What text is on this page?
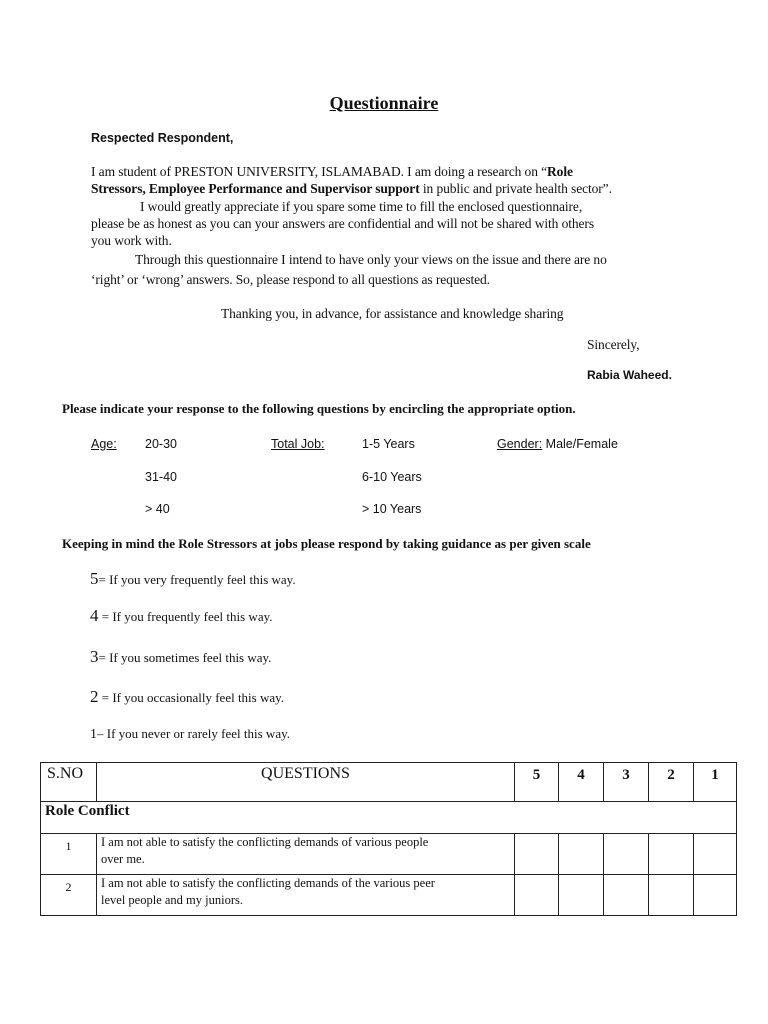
Questionnaire
Respected Respondent,
I am student of PRESTON UNIVERSITY, ISLAMABAD. I am doing a research on “Role
Stressors, Employee Performance and Supervisor support in public and private health sector”.
I would greatly appreciate if you spare some time to fill the enclosed questionnaire,
please be as honest as you can your answers are confidential and will not be shared with others
you work with.
Through this questionnaire I intend to have only your views on the issue and there are no
‘right’ or ‘wrong’ answers. So, please respond to all questions as requested.
Thanking you, in advance, for assistance and knowledge sharing
Sincerely,
Rabia Waheed.
Please indicate your response to the following questions by encircling the appropriate option.
Age: 20-30
31-40
> 40
Total Job:	1-5 Years
6-10 Years
> 10 Years
Gender: Male/Female
Keeping in mind the Role Stressors at jobs please respond by taking guidance as per given scale
5= If you very frequently feel this way.
4 = If you frequently feel this way.
3= If you sometimes feel this way.
2 = If you occasionally feel this way.
1– If you never or rarely feel this way.
S.NO	QUESTIONS	5	4	3	2	1
Role Conflict						
1	I am not able to satisfy the conflicting demands of various people
over me.					

2	I am not able to satisfy the conflicting demands of the various peer
level people and my juniors.					
